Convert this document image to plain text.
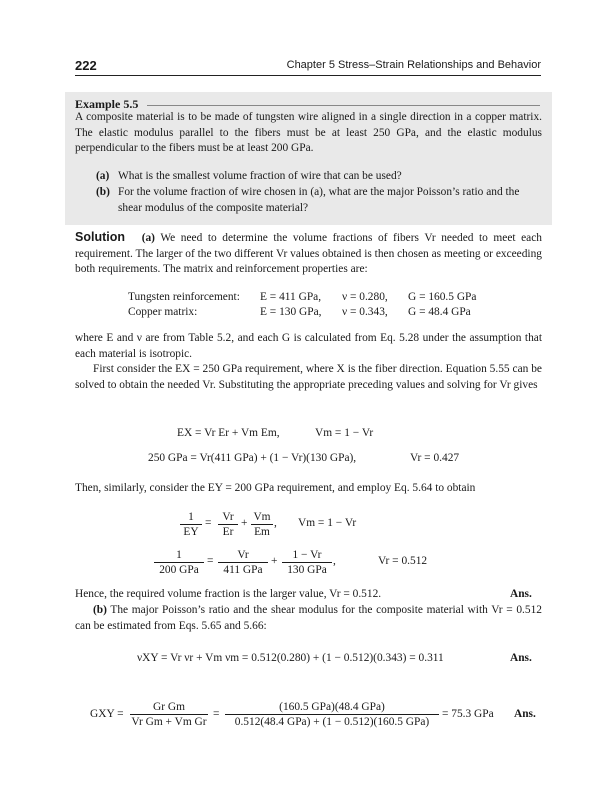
222	Chapter 5 Stress–Strain Relationships and Behavior
Example 5.5
A composite material is to be made of tungsten wire aligned in a single direction in a copper matrix. The elastic modulus parallel to the fibers must be at least 250 GPa, and the elastic modulus perpendicular to the fibers must be at least 200 GPa.
(a) What is the smallest volume fraction of wire that can be used?
(b) For the volume fraction of wire chosen in (a), what are the major Poisson’s ratio and the shear modulus of the composite material?
Solution (a) We need to determine the volume fractions of fibers Vr needed to meet each requirement. The larger of the two different Vr values obtained is then chosen as meeting or exceeding both requirements. The matrix and reinforcement properties are:
Tungsten reinforcement: E = 411 GPa, ν = 0.280, G = 160.5 GPa
Copper matrix:	E = 130 GPa, ν = 0.343, G = 48.4 GPa
where E and ν are from Table 5.2, and each G is calculated from Eq. 5.28 under the assumption that each material is isotropic.
First consider the EX = 250 GPa requirement, where X is the fiber direction. Equation 5.55 can be solved to obtain the needed Vr. Substituting the appropriate preceding values and solving for Vr gives
EX = Vr Er + Vm Em,	Vm = 1 − Vr
250 GPa = Vr(411 GPa) + (1 − Vr)(130 GPa),	Vr = 0.427
Then, similarly, consider the EY = 200 GPa requirement, and employ Eq. 5.64 to obtain
1
EY
= Vr
Er
+ Vm
Em
, Vm = 1 − Vr
1
200 GPa
=	Vr
411 GPa
+	1 − Vr
130 GPa
,	Vr = 0.512
Hence, the required volume fraction is the larger value, Vr = 0.512.	Ans.
(b) The major Poisson’s ratio and the shear modulus for the composite material with Vr = 0.512 can be estimated from Eqs. 5.65 and 5.66:
νXY = Vr νr + Vm νm = 0.512(0.280) + (1 − 0.512)(0.343) = 0.311	Ans.
GXY =
Gr Gm
Vr Gm + Vm Gr
=
(160.5 GPa)(48.4 GPa)
0.512(48.4 GPa) + (1 − 0.512)(160.5 GPa)
= 75.3 GPa Ans.
